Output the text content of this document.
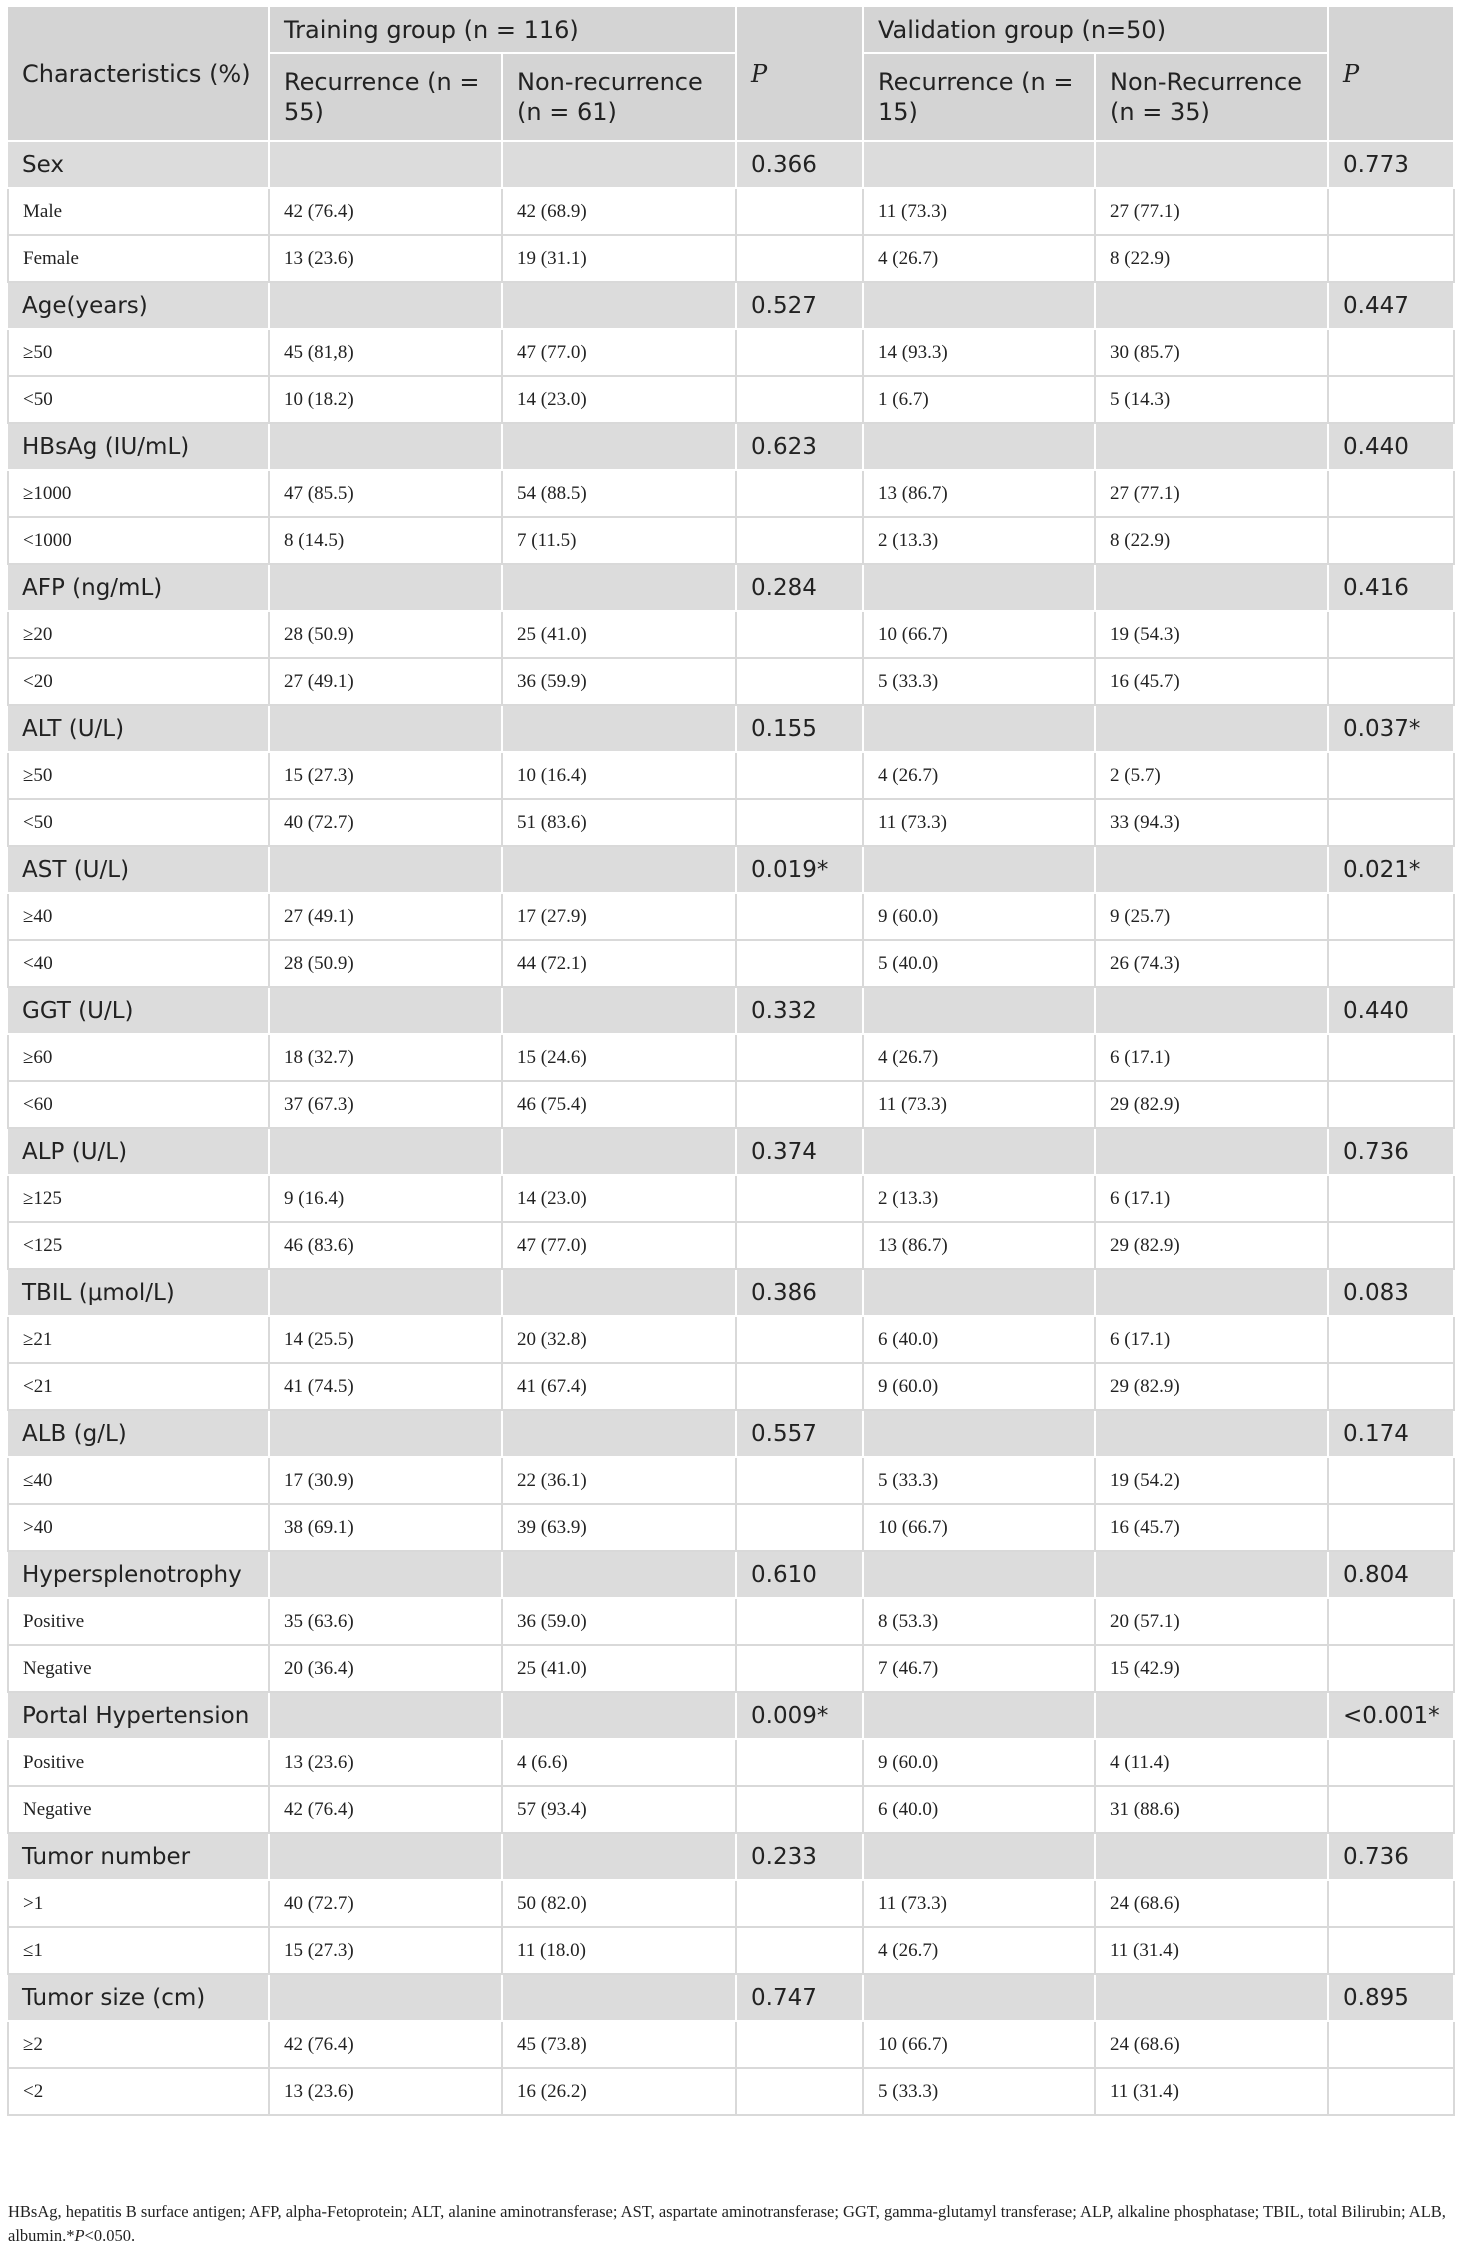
Characteristics (%)	Training group (n = 116)		P	Validation group (n=50)		P
	Recurrence (n = 55)	Non-recurrence (n = 61)		Recurrence (n = 15)	Non-Recurrence (n = 35)	
Sex			0.366			0.773
Male	42 (76.4)	42 (68.9)		11 (73.3)	27 (77.1)	
Female	13 (23.6)	19 (31.1)		4 (26.7)	8 (22.9)	
Age(years)			0.527			0.447
≥50	45 (81,8)	47 (77.0)		14 (93.3)	30 (85.7)	
<50	10 (18.2)	14 (23.0)		1 (6.7)	5 (14.3)	
HBsAg (IU/mL)			0.623			0.440
≥1000	47 (85.5)	54 (88.5)		13 (86.7)	27 (77.1)	
<1000	8 (14.5)	7 (11.5)		2 (13.3)	8 (22.9)	
AFP (ng/mL)			0.284			0.416
≥20	28 (50.9)	25 (41.0)		10 (66.7)	19 (54.3)	
<20	27 (49.1)	36 (59.9)		5 (33.3)	16 (45.7)	
ALT (U/L)			0.155			0.037*
≥50	15 (27.3)	10 (16.4)		4 (26.7)	2 (5.7)	
<50	40 (72.7)	51 (83.6)		11 (73.3)	33 (94.3)	
AST (U/L)			0.019*			0.021*
≥40	27 (49.1)	17 (27.9)		9 (60.0)	9 (25.7)	
<40	28 (50.9)	44 (72.1)		5 (40.0)	26 (74.3)	
GGT (U/L)			0.332			0.440
≥60	18 (32.7)	15 (24.6)		4 (26.7)	6 (17.1)	
<60	37 (67.3)	46 (75.4)		11 (73.3)	29 (82.9)	
ALP (U/L)			0.374			0.736
≥125	9 (16.4)	14 (23.0)		2 (13.3)	6 (17.1)	
<125	46 (83.6)	47 (77.0)		13 (86.7)	29 (82.9)	
TBIL (μmol/L)			0.386			0.083
≥21	14 (25.5)	20 (32.8)		6 (40.0)	6 (17.1)	
<21	41 (74.5)	41 (67.4)		9 (60.0)	29 (82.9)	
ALB (g/L)			0.557			0.174
≤40	17 (30.9)	22 (36.1)		5 (33.3)	19 (54.2)	
>40	38 (69.1)	39 (63.9)		10 (66.7)	16 (45.7)	
Hypersplenotrophy			0.610			0.804
Positive	35 (63.6)	36 (59.0)		8 (53.3)	20 (57.1)	
Negative	20 (36.4)	25 (41.0)		7 (46.7)	15 (42.9)	
Portal Hypertension			0.009*			<0.001*
Positive	13 (23.6)	4 (6.6)		9 (60.0)	4 (11.4)	
Negative	42 (76.4)	57 (93.4)		6 (40.0)	31 (88.6)	
Tumor number			0.233			0.736
>1	40 (72.7)	50 (82.0)		11 (73.3)	24 (68.6)	
≤1	15 (27.3)	11 (18.0)		4 (26.7)	11 (31.4)	
Tumor size (cm)			0.747			0.895
≥2	42 (76.4)	45 (73.8)		10 (66.7)	24 (68.6)	
<2	13 (23.6)	16 (26.2)		5 (33.3)	11 (31.4)	
HBsAg, hepatitis B surface antigen; AFP, alpha-Fetoprotein; ALT, alanine aminotransferase; AST, aspartate aminotransferase; GGT, gamma-glutamyl transferase; ALP, alkaline phosphatase; TBIL, total Bilirubin; ALB, albumin.*P<0.050.
